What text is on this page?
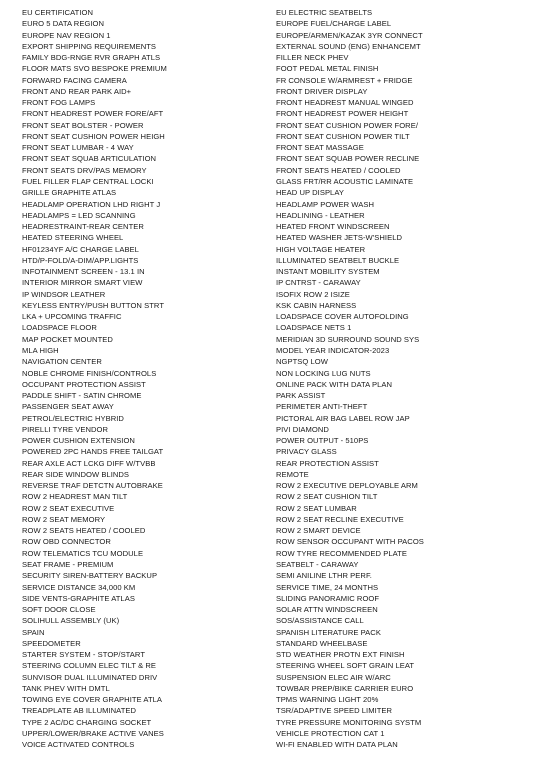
EU CERTIFICATION
EURO 5 DATA REGION
EUROPE NAV REGION 1
EXPORT SHIPPING REQUIREMENTS
FAMILY BDG-RNGE RVR GRAPH ATLS
FLOOR MATS SVO BESPOKE PREMIUM
FORWARD FACING CAMERA
FRONT AND REAR PARK AID+
FRONT FOG LAMPS
FRONT HEADREST POWER FORE/AFT
FRONT SEAT BOLSTER - POWER
FRONT SEAT CUSHION POWER HEIGH
FRONT SEAT LUMBAR - 4 WAY
FRONT SEAT SQUAB ARTICULATION
FRONT SEATS DRV/PAS MEMORY
FUEL FILLER FLAP CENTRAL LOCKI
GRILLE GRAPHITE ATLAS
HEADLAMP OPERATION LHD RIGHT J
HEADLAMPS = LED SCANNING
HEADRESTRAINT-REAR CENTER
HEATED STEERING WHEEL
HF01234YF A/C CHARGE LABEL
HTD/P-FOLD/A-DIM/APP.LIGHTS
INFOTAINMENT SCREEN - 13.1 IN
INTERIOR MIRROR SMART VIEW
IP WINDSOR LEATHER
KEYLESS ENTRY/PUSH BUTTON STRT
LKA + UPCOMING TRAFFIC
LOADSPACE FLOOR
MAP POCKET MOUNTED
MLA HIGH
NAVIGATION CENTER
NOBLE CHROME FINISH/CONTROLS
OCCUPANT PROTECTION ASSIST
PADDLE SHIFT - SATIN CHROME
PASSENGER SEAT AWAY
PETROL/ELECTRIC HYBRID
PIRELLI TYRE VENDOR
POWER CUSHION EXTENSION
POWERED 2PC HANDS FREE TAILGAT
REAR AXLE ACT LCKG DIFF W/TVBB
REAR SIDE WINDOW BLINDS
REVERSE TRAF DETCTN AUTOBRAKE
ROW 2 HEADREST MAN TILT
ROW 2 SEAT EXECUTIVE
ROW 2 SEAT MEMORY
ROW 2 SEATS HEATED / COOLED
ROW OBD CONNECTOR
ROW TELEMATICS TCU MODULE
SEAT FRAME - PREMIUM
SECURITY SIREN-BATTERY BACKUP
SERVICE DISTANCE 34,000 KM
SIDE VENTS-GRAPHITE ATLAS
SOFT DOOR CLOSE
SOLIHULL ASSEMBLY (UK)
SPAIN
SPEEDOMETER
STARTER SYSTEM - STOP/START
STEERING COLUMN ELEC TILT & RE
SUNVISOR DUAL ILLUMINATED DRIV
TANK PHEV WITH DMTL
TOWING EYE COVER GRAPHITE ATLA
TREADPLATE AB ILLUMINATED
TYPE 2 AC/DC CHARGING SOCKET
UPPER/LOWER/BRAKE ACTIVE VANES
VOICE ACTIVATED CONTROLS
EU ELECTRIC SEATBELTS
EUROPE FUEL/CHARGE LABEL
EUROPE/ARMEN/KAZAK 3YR CONNECT
EXTERNAL SOUND (ENG) ENHANCEMT
FILLER NECK PHEV
FOOT PEDAL METAL FINISH
FR CONSOLE W/ARMREST + FRIDGE
FRONT DRIVER DISPLAY
FRONT HEADREST MANUAL WINGED
FRONT HEADREST POWER HEIGHT
FRONT SEAT CUSHION POWER FORE/
FRONT SEAT CUSHION POWER TILT
FRONT SEAT MASSAGE
FRONT SEAT SQUAB POWER RECLINE
FRONT SEATS HEATED / COOLED
GLASS FRT/RR ACOUSTIC LAMINATE
HEAD UP DISPLAY
HEADLAMP POWER WASH
HEADLINING - LEATHER
HEATED FRONT WINDSCREEN
HEATED WASHER JETS-W'SHIELD
HIGH VOLTAGE HEATER
ILLUMINATED SEATBELT BUCKLE
INSTANT MOBILITY SYSTEM
IP CNTRST - CARAWAY
ISOFIX ROW 2 ISIZE
KSK CABIN HARNESS
LOADSPACE COVER AUTOFOLDING
LOADSPACE NETS 1
MERIDIAN 3D SURROUND SOUND SYS
MODEL YEAR INDICATOR-2023
NGPTSQ LOW
NON LOCKING LUG NUTS
ONLINE PACK WITH DATA PLAN
PARK ASSIST
PERIMETER ANTI-THEFT
PICTORAL AIR BAG LABEL ROW JAP
PIVI DIAMOND
POWER OUTPUT - 510PS
PRIVACY GLASS
REAR PROTECTION ASSIST
REMOTE
ROW 2 EXECUTIVE DEPLOYABLE ARM
ROW 2 SEAT CUSHION TILT
ROW 2 SEAT LUMBAR
ROW 2 SEAT RECLINE EXECUTIVE
ROW 2 SMART DEVICE
ROW SENSOR OCCUPANT WITH PACOS
ROW TYRE RECOMMENDED PLATE
SEATBELT - CARAWAY
SEMI ANILINE LTHR PERF.
SERVICE TIME, 24 MONTHS
SLIDING PANORAMIC ROOF
SOLAR ATTN WINDSCREEN
SOS/ASSISTANCE CALL
SPANISH LITERATURE PACK
STANDARD WHEELBASE
STD WEATHER PROTN EXT FINISH
STEERING WHEEL SOFT GRAIN LEAT
SUSPENSION ELEC AIR W/ARC
TOWBAR PREP/BIKE CARRIER EURO
TPMS WARNING LIGHT 20%
TSR/ADAPTIVE SPEED LIMITER
TYRE PRESSURE MONITORING SYSTM
VEHICLE PROTECTION CAT 1
WI-FI ENABLED WITH DATA PLAN
